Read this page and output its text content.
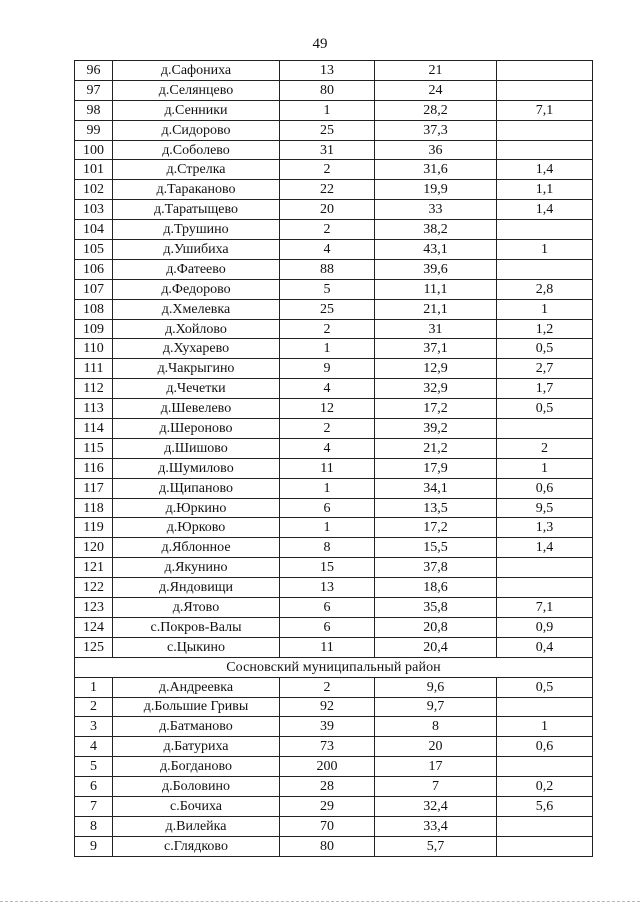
49
96	д.Сафониха	13	21	
97	д.Селянцево	80	24	
98	д.Сенники	1	28,2	7,1
99	д.Сидорово	25	37,3	
100	д.Соболево	31	36	
101	д.Стрелка	2	31,6	1,4
102	д.Тараканово	22	19,9	1,1
103	д.Таратыщево	20	33	1,4
104	д.Трушино	2	38,2	
105	д.Ушибиха	4	43,1	1
106	д.Фатеево	88	39,6	
107	д.Федорово	5	11,1	2,8
108	д.Хмелевка	25	21,1	1
109	д.Хойлово	2	31	1,2
110	д.Хухарево	1	37,1	0,5
111	д.Чакрыгино	9	12,9	2,7
112	д.Чечетки	4	32,9	1,7
113	д.Шевелево	12	17,2	0,5
114	д.Шероново	2	39,2	
115	д.Шишово	4	21,2	2
116	д.Шумилово	11	17,9	1
117	д.Щипаново	1	34,1	0,6
118	д.Юркино	6	13,5	9,5
119	д.Юрково	1	17,2	1,3
120	д.Яблонное	8	15,5	1,4
121	д.Якунино	15	37,8	
122	д.Яндовищи	13	18,6	
123	д.Ятово	6	35,8	7,1
124	с.Покров-Валы	6	20,8	0,9
125	с.Цыкино	11	20,4	0,4
Сосновский муниципальный район				
1	д.Андреевка	2	9,6	0,5
2	д.Большие Гривы	92	9,7	
3	д.Батманово	39	8	1
4	д.Батуриха	73	20	0,6
5	д.Богданово	200	17	
6	д.Боловино	28	7	0,2
7	с.Бочиха	29	32,4	5,6
8	д.Вилейка	70	33,4	
9	с.Глядково	80	5,7	
